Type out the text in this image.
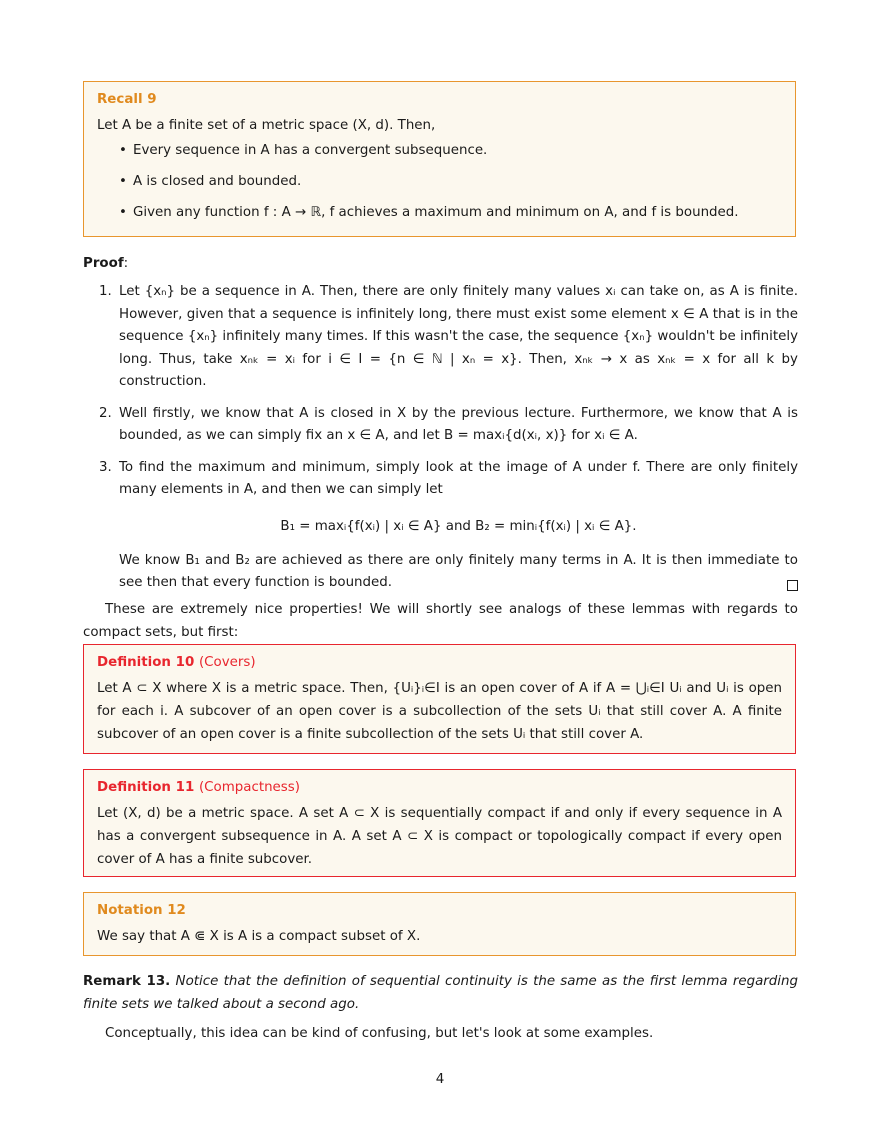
Recall 9
Let A be a finite set of a metric space (X, d). Then,
• Every sequence in A has a convergent subsequence.
• A is closed and bounded.
• Given any function f : A → ℝ, f achieves a maximum and minimum on A, and f is bounded.
Proof:
1. Let {xₙ} be a sequence in A. Then, there are only finitely many values xᵢ can take on, as A is finite. However, given that a sequence is infinitely long, there must exist some element x ∈ A that is in the sequence {xₙ} infinitely many times. If this wasn't the case, the sequence {xₙ} wouldn't be infinitely long. Thus, take xₙₖ = xᵢ for i ∈ I = {n ∈ ℕ | xₙ = x}. Then, xₙₖ → x as xₙₖ = x for all k by construction.
2. Well firstly, we know that A is closed in X by the previous lecture. Furthermore, we know that A is bounded, as we can simply fix an x ∈ A, and let B = maxᵢ{d(xᵢ, x)} for xᵢ ∈ A.
3. To find the maximum and minimum, simply look at the image of A under f. There are only finitely many elements in A, and then we can simply let
B₁ = maxᵢ{f(xᵢ) | xᵢ ∈ A} and B₂ = minᵢ{f(xᵢ) | xᵢ ∈ A}.
We know B₁ and B₂ are achieved as there are only finitely many terms in A. It is then immediate to see then that every function is bounded.
These are extremely nice properties! We will shortly see analogs of these lemmas with regards to compact sets, but first:
Definition 10 (Covers)
Let A ⊂ X where X is a metric space. Then, {Uᵢ}ᵢ∈I is an open cover of A if A = ⋃ᵢ∈I Uᵢ and Uᵢ is open for each i. A subcover of an open cover is a subcollection of the sets Uᵢ that still cover A. A finite subcover of an open cover is a finite subcollection of the sets Uᵢ that still cover A.
Definition 11 (Compactness)
Let (X, d) be a metric space. A set A ⊂ X is sequentially compact if and only if every sequence in A has a convergent subsequence in A. A set A ⊂ X is compact or topologically compact if every open cover of A has a finite subcover.
Notation 12
We say that A ⋐ X is A is a compact subset of X.
Remark 13. Notice that the definition of sequential continuity is the same as the first lemma regarding finite sets we talked about a second ago.
Conceptually, this idea can be kind of confusing, but let's look at some examples.
4
